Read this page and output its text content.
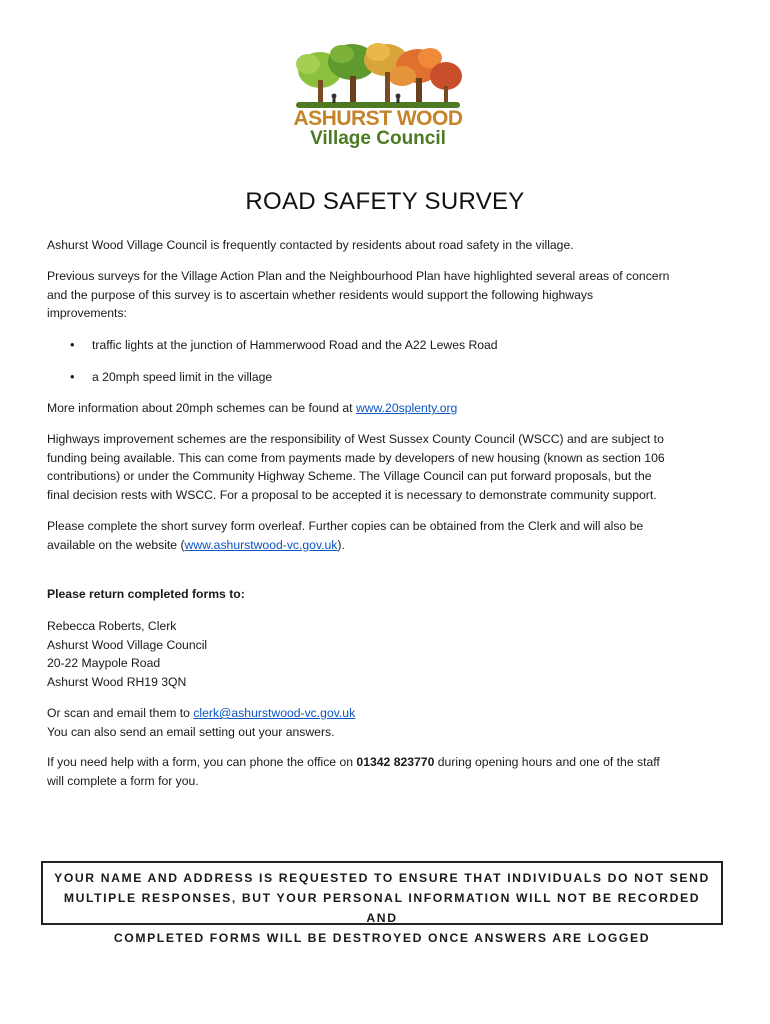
ASHURST WOOD
Village Council
ROAD SAFETY SURVEY

Ashurst Wood Village Council is frequently contacted by residents about road safety in the village.

Previous surveys for the Village Action Plan and the Neighbourhood Plan have highlighted several areas of concern
and the purpose of this survey is to ascertain whether residents would support the following highways
improvements:
• traffic lights at the junction of Hammerwood Road and the A22 Lewes Road
• a 20mph speed limit in the village
More information about 20mph schemes can be found at www.20splenty.org
Highways improvement schemes are the responsibility of West Sussex County Council (WSCC) and are subject to
funding being available. This can come from payments made by developers of new housing (known as section 106
contributions) or under the Community Highway Scheme. The Village Council can put forward proposals, but the
final decision rests with WSCC. For a proposal to be accepted it is necessary to demonstrate community support.
Please complete the short survey form overleaf. Further copies can be obtained from the Clerk and will also be
available on the website (www.ashurstwood-vc.gov.uk).
Please return completed forms to:
Rebecca Roberts, Clerk
Ashurst Wood Village Council
20-22 Maypole Road
Ashurst Wood RH19 3QN
Or scan and email them to clerk@ashurstwood-vc.gov.uk
You can also send an email setting out your answers.
If you need help with a form, you can phone the office on 01342 823770 during opening hours and one of the staff
will complete a form for you.
YOUR NAME AND ADDRESS IS REQUESTED TO ENSURE THAT INDIVIDUALS DO NOT SEND
MULTIPLE RESPONSES, BUT YOUR PERSONAL INFORMATION WILL NOT BE RECORDED AND
COMPLETED FORMS WILL BE DESTROYED ONCE ANSWERS ARE LOGGED
